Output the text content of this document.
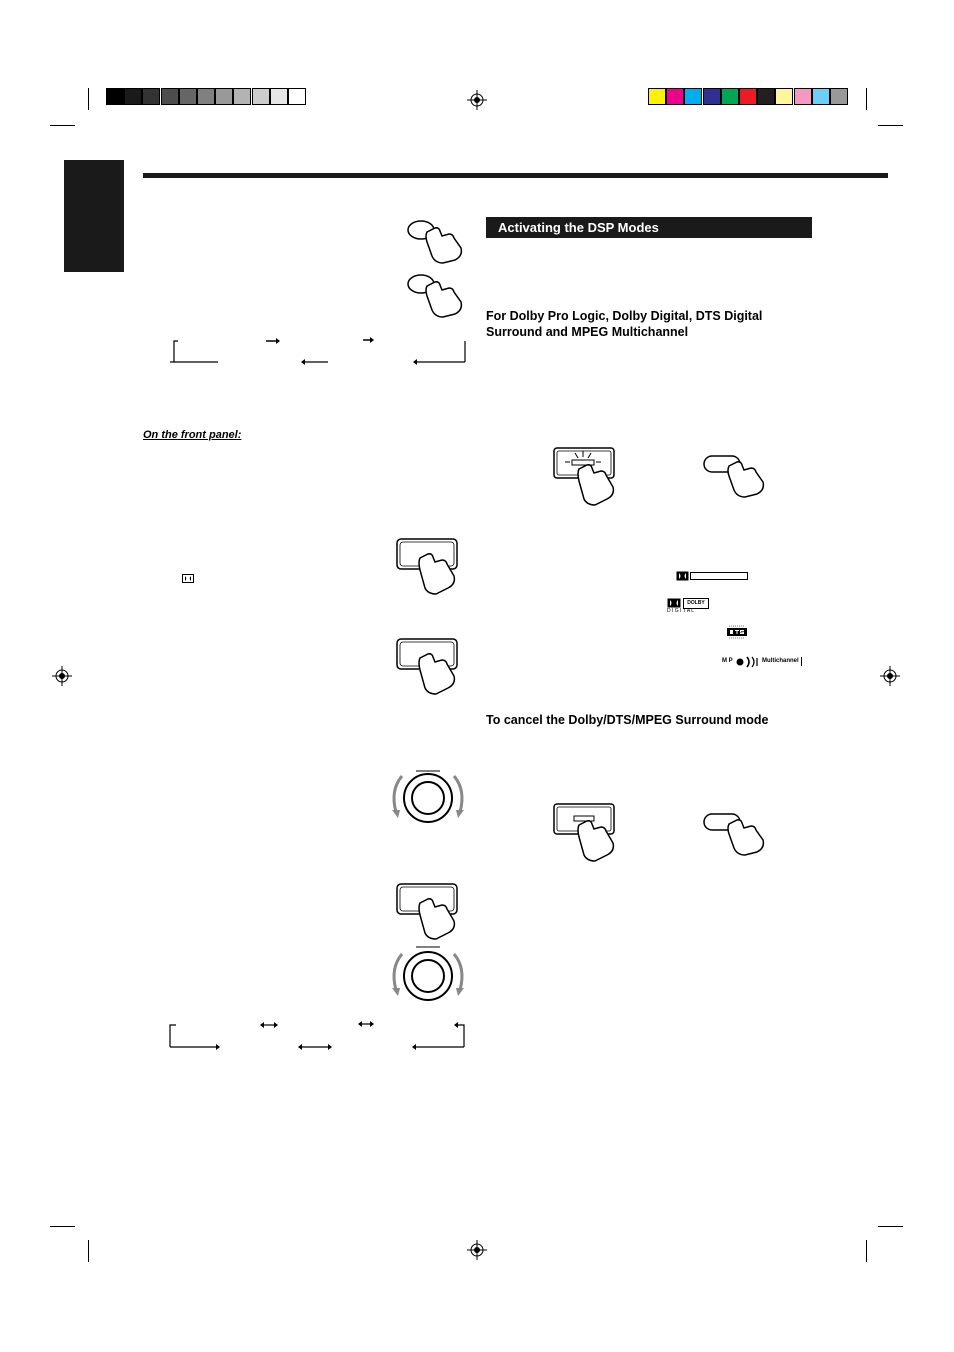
Activating the DSP Modes
For Dolby Pro Logic, Dolby Digital, DTS Digital Surround and MPEG Multichannel
To cancel the Dolby/DTS/MPEG Surround mode
On the front panel:
DOLBY
D I G I T A L
M P	Multichannel
